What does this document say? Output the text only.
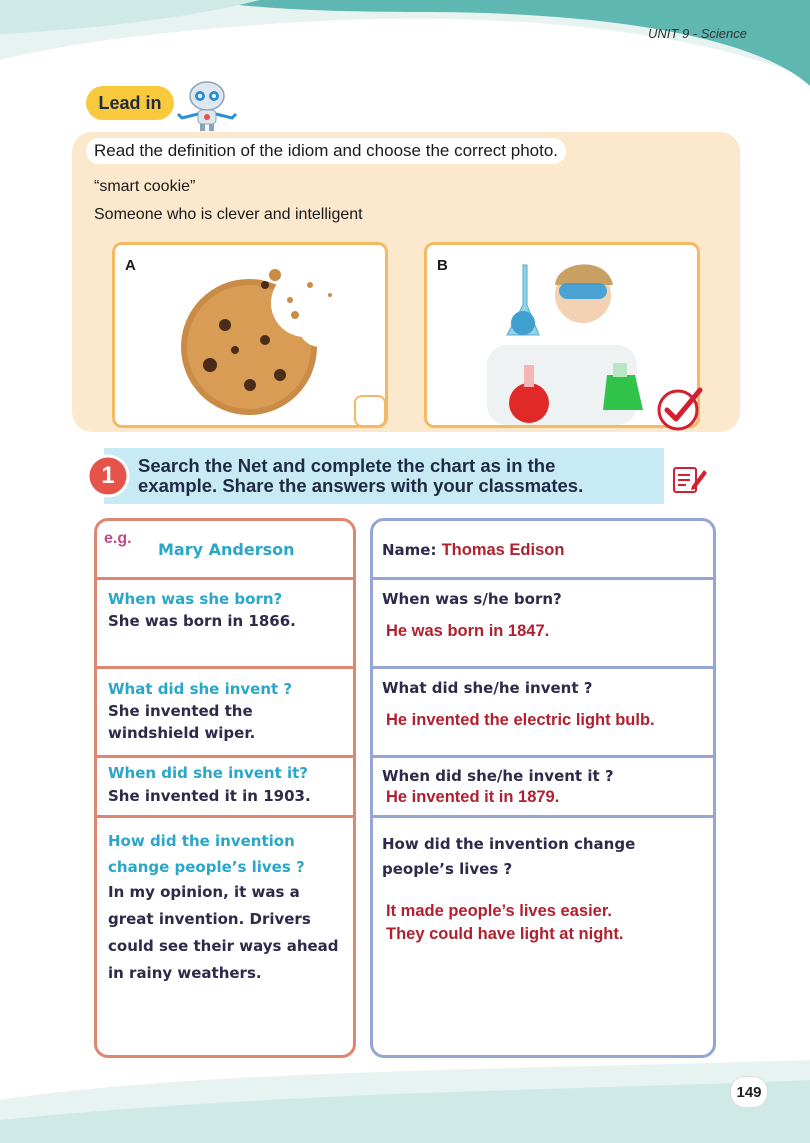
UNIT 9 - Science
Lead in
Read the definition of the idiom and choose the correct photo.
“smart cookie”
Someone who is clever and intelligent
A	B
1	Search the Net and complete the chart as in the
example. Share the answers with your classmates.
e.g.
Mary Anderson
When was she born?
She was born in 1866.
What did she invent ?
She invented the
windshield wiper.
When did she invent it?
She invented it in 1903.
How did the invention
change people’s lives ?
In my opinion, it was a
great invention. Drivers
could see their ways ahead
in rainy weathers.
Name: Thomas Edison
When was s/he born?
He was born in 1847.
What did she/he invent ?
He invented the electric light bulb.
When did she/he invent it ?
He invented it in 1879.
How did the invention change
people’s lives ?
It made people’s lives easier.
They could have light at night.
149
